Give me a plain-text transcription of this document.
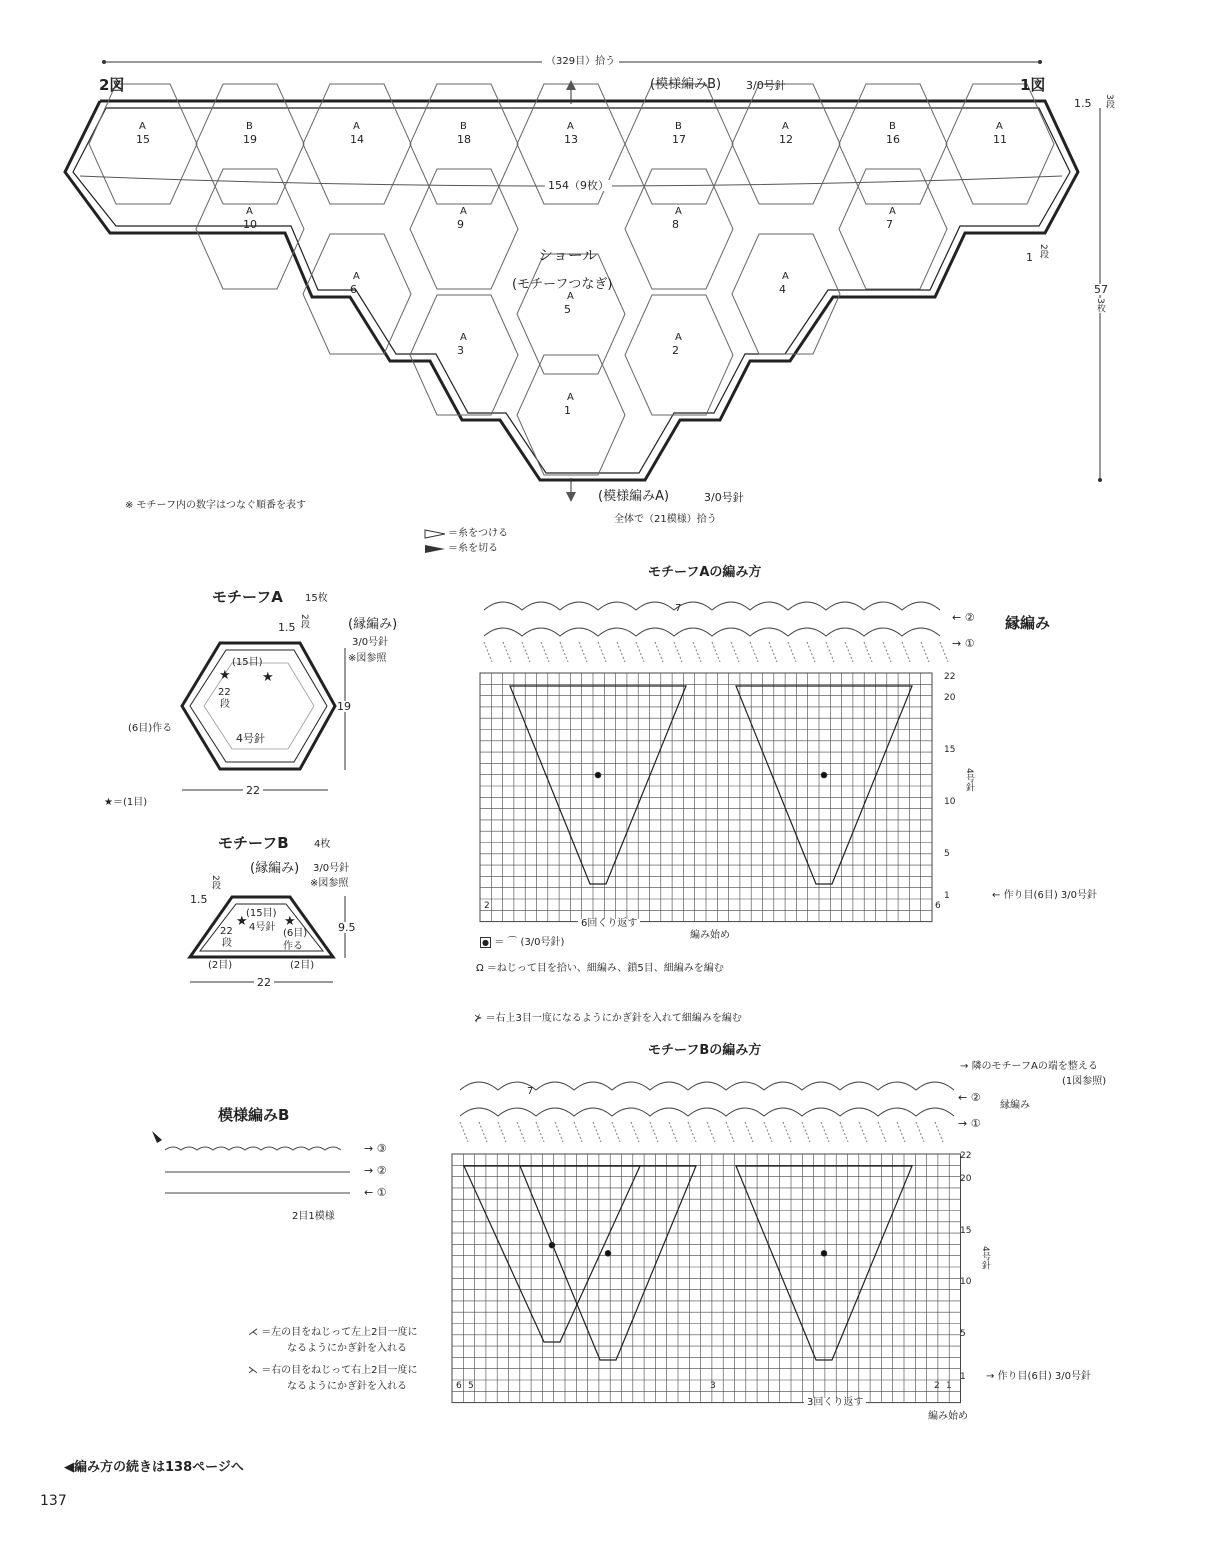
（329目）拾う
2図	1図
(模様編みB) 3/0号針
1.5 3段
154（9枚）
ショール
(モチーフつなぎ)
1 2段
57
3枚
(模様編みA)	3/0号針
全体で（21模様）拾う
※ モチーフ内の数字はつなぐ順番を表す
A
15
B
19
A
14
B
18
A
13
B
17
A
12
B
16
A
11
A
10
A
9
A
8
A
7
A
6
A
5
A
4
A
3
A
2
A
1
＝糸をつける
＝糸を切る
モチーフA 15枚
1.5 2段	(縁編み)
3/0号針
※図参照
(15目)
★ ★
22
段
(6目)作る
4号針
19
22
★＝(1目)
モチーフB	4枚
(縁編み) 3/0号針
※図参照
1.5
2段
(15目)
★	★
4号針
(6目)
作る
22
段
9.5
(2目)	(2目)
22
模様編みB
→ ③
→ ②
← ①
2目1模様
モチーフAの編み方
縁編み
← ②
→ ①
7
4号針
← 作り目(6目) 3/0号針
6回くり返す
編み始め
22
20
15
10
5
1
2	6
● ＝ ⌒ (3/0号針)
Ω ＝ねじって目を拾い、細編み、鎖5目、細編みを編む
⊁ ＝右上3目一度になるようにかぎ針を入れて細編みを編む
モチーフBの編み方
→ 隣のモチーフAの端を整える
(1図参照)
← ②
縁編み
→ ①
7
4号針
→ 作り目(6目) 3/0号針
3回くり返す
編み始め
22
20
15
10
5
1
6 5	3	2 1
⋌ ＝左の目をねじって左上2目一度に
なるようにかぎ針を入れる
⋋ ＝右の目をねじって右上2目一度に
なるようにかぎ針を入れる
◀編み方の続きは138ページへ
137
